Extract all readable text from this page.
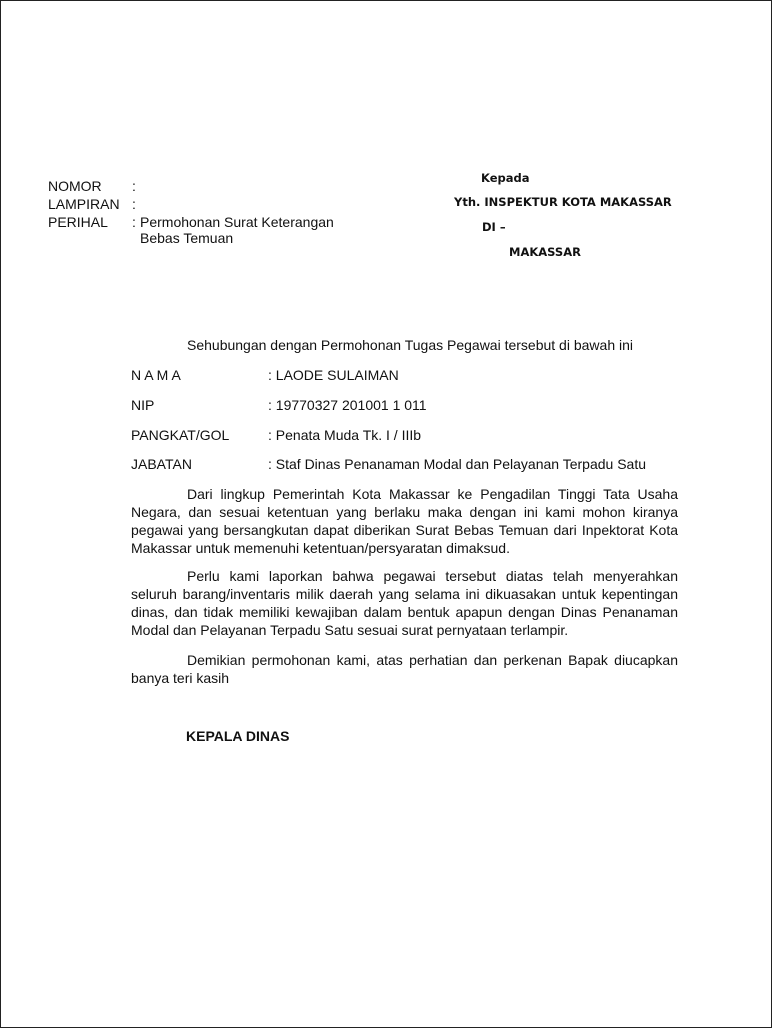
NOMOR :
LAMPIRAN :
PERIHAL : Permohonan Surat Keterangan
Bebas Temuan
Kepada
Yth. INSPEKTUR KOTA MAKASSAR
DI –
MAKASSAR
Sehubungan dengan Permohonan Tugas Pegawai tersebut di bawah ini
N A M A	: LAODE SULAIMAN
NIP	: 19770327 201001 1 011
PANGKAT/GOL	: Penata Muda Tk. I / IIIb
JABATAN	: Staf Dinas Penanaman Modal dan Pelayanan Terpadu Satu
Dari lingkup Pemerintah Kota Makassar ke Pengadilan Tinggi Tata Usaha Negara, dan sesuai ketentuan yang berlaku maka dengan ini kami mohon kiranya pegawai yang bersangkutan dapat diberikan Surat Bebas Temuan dari Inpektorat Kota Makassar untuk memenuhi ketentuan/persyaratan dimaksud.
Perlu kami laporkan bahwa pegawai tersebut diatas telah menyerahkan seluruh barang/inventaris milik daerah yang selama ini dikuasakan untuk kepentingan dinas, dan tidak memiliki kewajiban dalam bentuk apapun dengan Dinas Penanaman Modal dan Pelayanan Terpadu Satu sesuai surat pernyataan terlampir.
Demikian permohonan kami, atas perhatian dan perkenan Bapak diucapkan banya teri kasih
KEPALA DINAS
